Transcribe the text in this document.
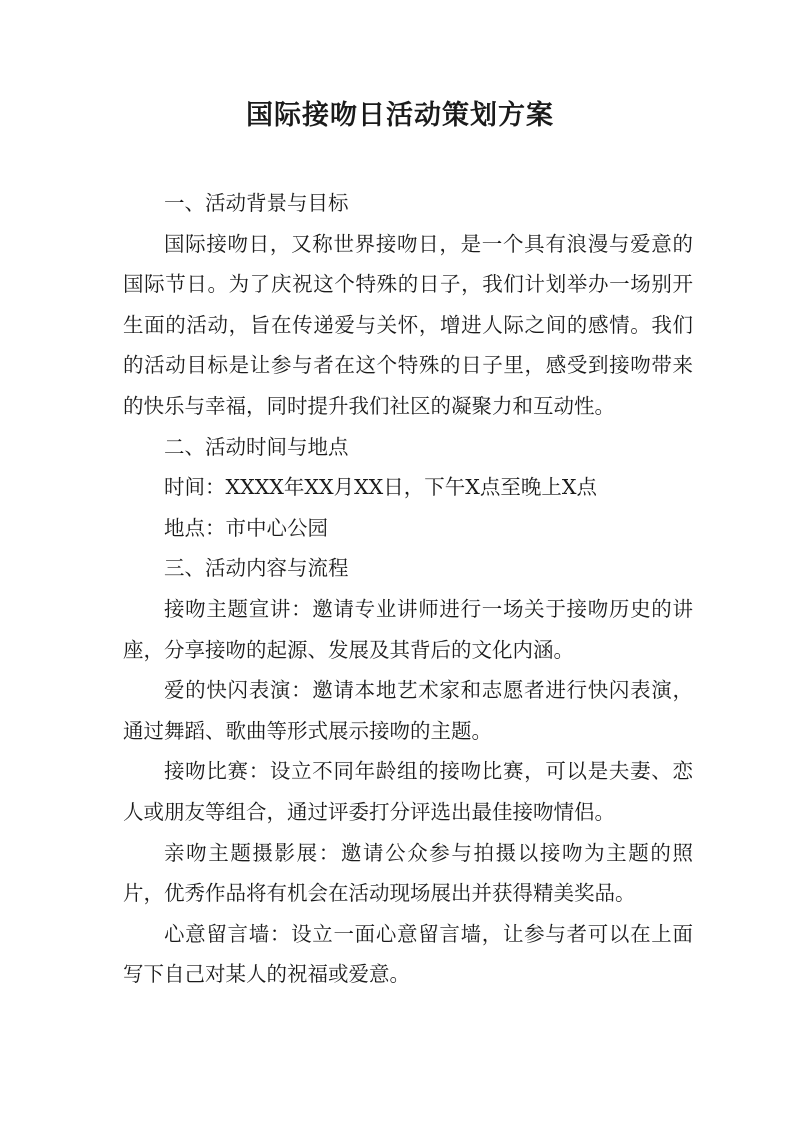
国际接吻日活动策划方案

一、活动背景与目标

国际接吻日，又称世界接吻日，是一个具有浪漫与爱意的国际节日。为了庆祝这个特殊的日子，我们计划举办一场别开生面的活动，旨在传递爱与关怀，增进人际之间的感情。我们的活动目标是让参与者在这个特殊的日子里，感受到接吻带来的快乐与幸福，同时提升我们社区的凝聚力和互动性。

二、活动时间与地点

时间：XXXX年XX月XX日，下午X点至晚上X点

地点：市中心公园

三、活动内容与流程

接吻主题宣讲：邀请专业讲师进行一场关于接吻历史的讲座，分享接吻的起源、发展及其背后的文化内涵。

爱的快闪表演：邀请本地艺术家和志愿者进行快闪表演，通过舞蹈、歌曲等形式展示接吻的主题。

接吻比赛：设立不同年龄组的接吻比赛，可以是夫妻、恋人或朋友等组合，通过评委打分评选出最佳接吻情侣。

亲吻主题摄影展：邀请公众参与拍摄以接吻为主题的照片，优秀作品将有机会在活动现场展出并获得精美奖品。

心意留言墙：设立一面心意留言墙，让参与者可以在上面写下自己对某人的祝福或爱意。
